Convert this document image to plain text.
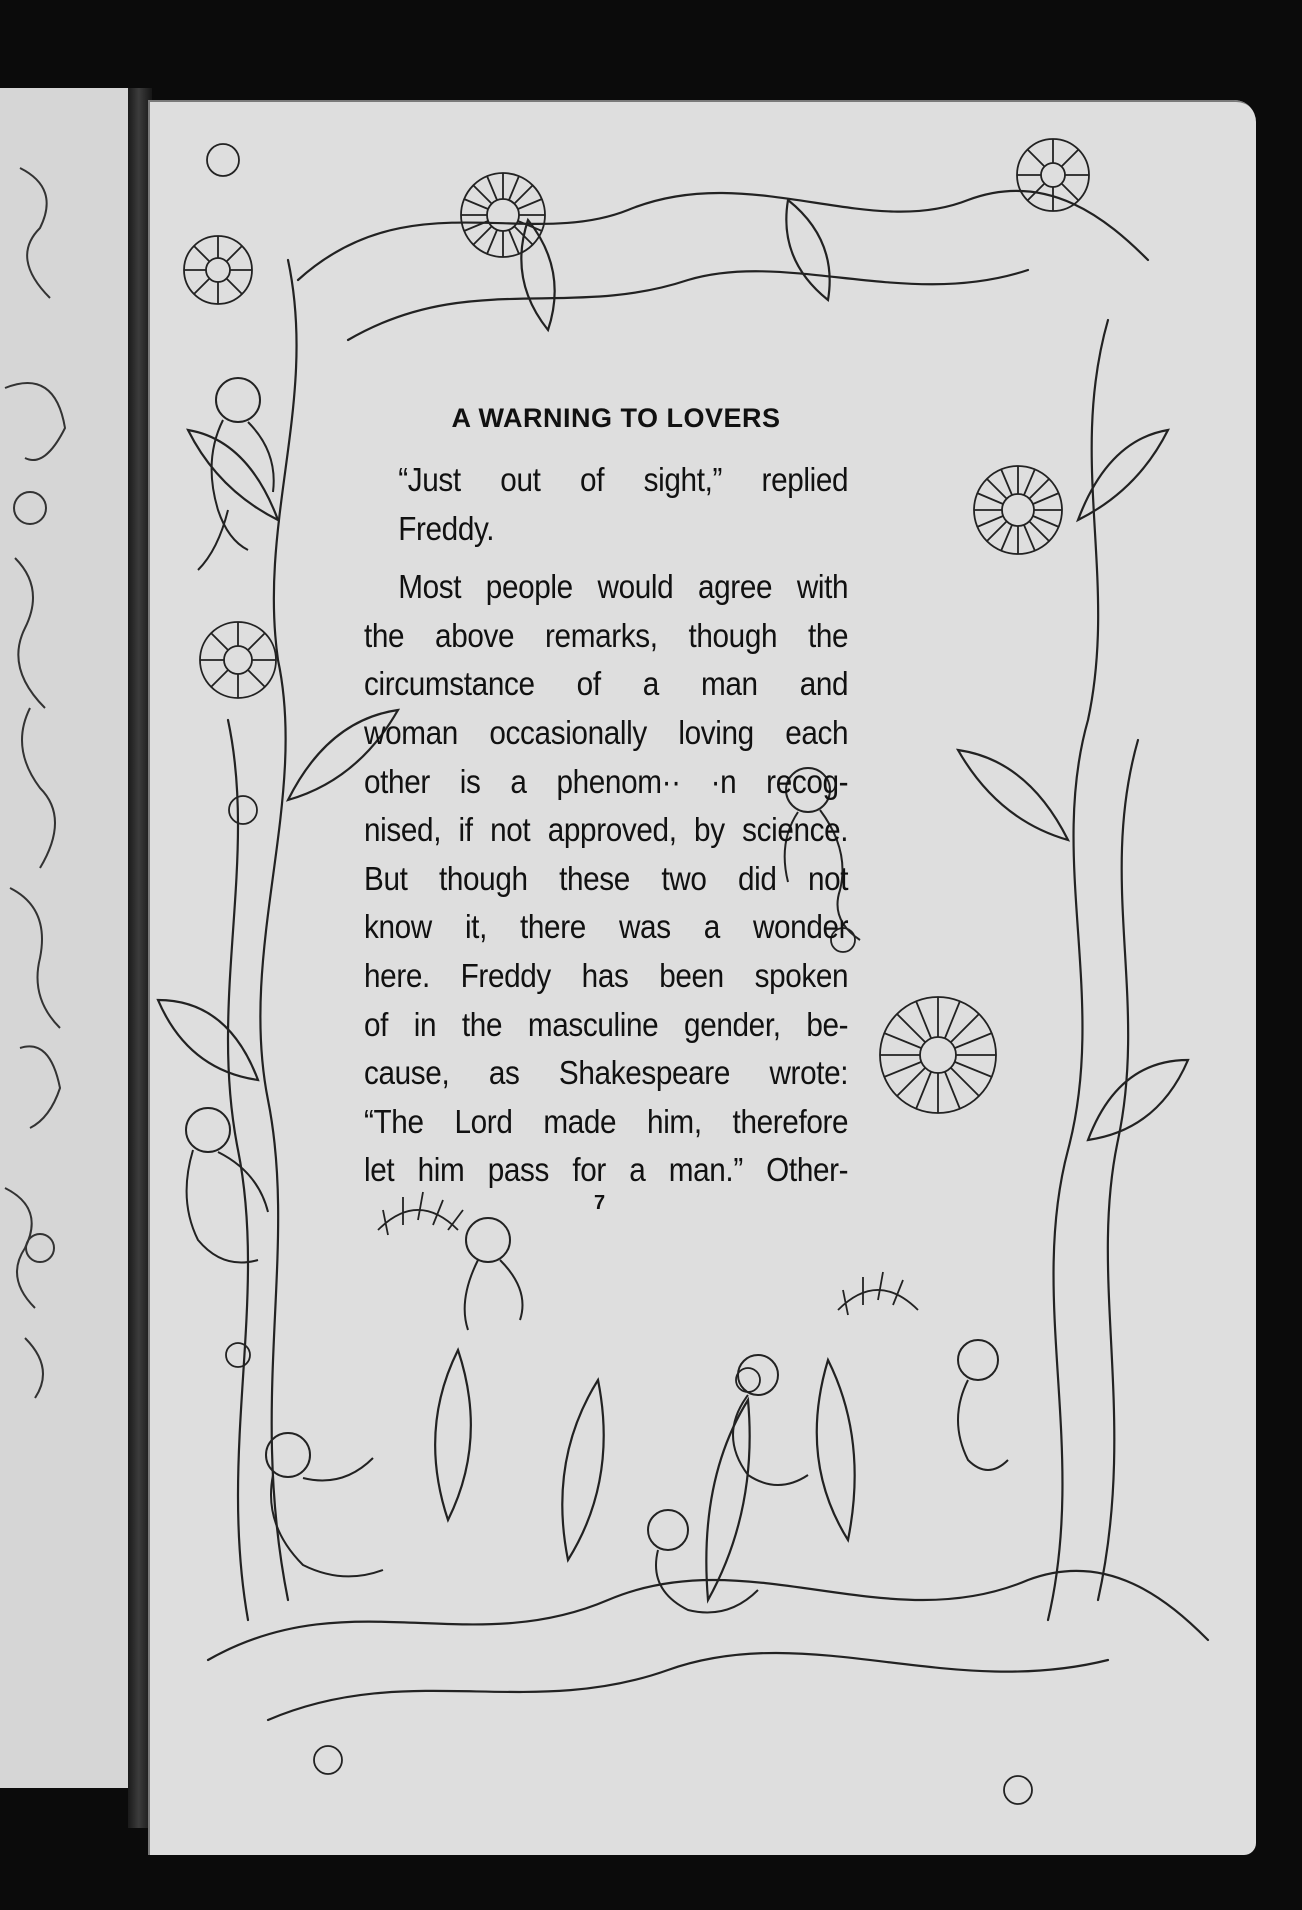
A WARNING TO LOVERS
“Just out of sight,” replied
Freddy.
Most people would agree with
the above remarks, though the
circumstance of a man and
woman occasionally loving each
other is a phenom·· ·n recog-
nised, if not approved, by science.
But though these two did not
know it, there was a wonder
here. Freddy has been spoken
of in the masculine gender, be-
cause, as Shakespeare wrote:
“The Lord made him, therefore
let him pass for a man.” Other-
7
